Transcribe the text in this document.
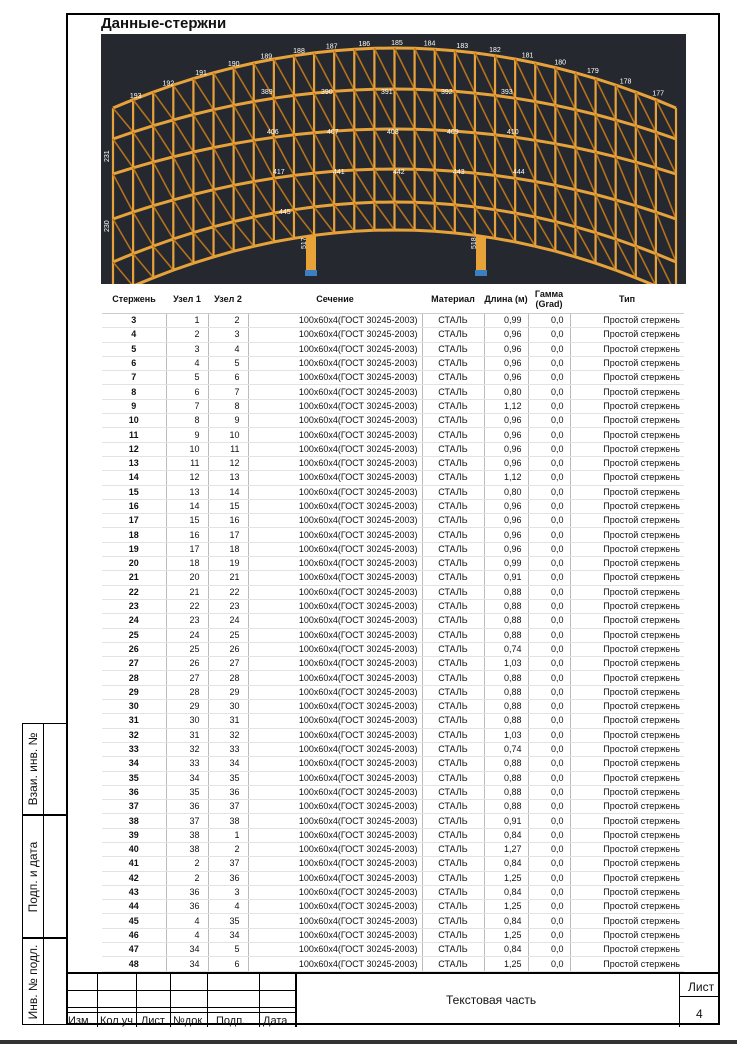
Взаи. инв. №
Подп. и дата
Инв. № подл.
Данные-стержни
193
192
191
190
189
188
187	186	185	184	183
182
181
180
179
178
177
517	518
231
230
389	390	391	392	393
406	407	408	409	410
417	441	442	443	444
445
Стержень	Узел 1	Узел 2	Сечение	Материал	Длина (м)	Гамма (Grad)	Тип
3	1	2	100x60x4(ГОСТ 30245-2003)	СТАЛЬ	0,99	0,0	Простой стержень
4	2	3	100x60x4(ГОСТ 30245-2003)	СТАЛЬ	0,96	0,0	Простой стержень
5	3	4	100x60x4(ГОСТ 30245-2003)	СТАЛЬ	0,96	0,0	Простой стержень
6	4	5	100x60x4(ГОСТ 30245-2003)	СТАЛЬ	0,96	0,0	Простой стержень
7	5	6	100x60x4(ГОСТ 30245-2003)	СТАЛЬ	0,96	0,0	Простой стержень
8	6	7	100x60x4(ГОСТ 30245-2003)	СТАЛЬ	0,80	0,0	Простой стержень
9	7	8	100x60x4(ГОСТ 30245-2003)	СТАЛЬ	1,12	0,0	Простой стержень
10	8	9	100x60x4(ГОСТ 30245-2003)	СТАЛЬ	0,96	0,0	Простой стержень
11	9	10	100x60x4(ГОСТ 30245-2003)	СТАЛЬ	0,96	0,0	Простой стержень
12	10	11	100x60x4(ГОСТ 30245-2003)	СТАЛЬ	0,96	0,0	Простой стержень
13	11	12	100x60x4(ГОСТ 30245-2003)	СТАЛЬ	0,96	0,0	Простой стержень
14	12	13	100x60x4(ГОСТ 30245-2003)	СТАЛЬ	1,12	0,0	Простой стержень
15	13	14	100x60x4(ГОСТ 30245-2003)	СТАЛЬ	0,80	0,0	Простой стержень
16	14	15	100x60x4(ГОСТ 30245-2003)	СТАЛЬ	0,96	0,0	Простой стержень
17	15	16	100x60x4(ГОСТ 30245-2003)	СТАЛЬ	0,96	0,0	Простой стержень
18	16	17	100x60x4(ГОСТ 30245-2003)	СТАЛЬ	0,96	0,0	Простой стержень
19	17	18	100x60x4(ГОСТ 30245-2003)	СТАЛЬ	0,96	0,0	Простой стержень
20	18	19	100x60x4(ГОСТ 30245-2003)	СТАЛЬ	0,99	0,0	Простой стержень
21	20	21	100x60x4(ГОСТ 30245-2003)	СТАЛЬ	0,91	0,0	Простой стержень
22	21	22	100x60x4(ГОСТ 30245-2003)	СТАЛЬ	0,88	0,0	Простой стержень
23	22	23	100x60x4(ГОСТ 30245-2003)	СТАЛЬ	0,88	0,0	Простой стержень
24	23	24	100x60x4(ГОСТ 30245-2003)	СТАЛЬ	0,88	0,0	Простой стержень
25	24	25	100x60x4(ГОСТ 30245-2003)	СТАЛЬ	0,88	0,0	Простой стержень
26	25	26	100x60x4(ГОСТ 30245-2003)	СТАЛЬ	0,74	0,0	Простой стержень
27	26	27	100x60x4(ГОСТ 30245-2003)	СТАЛЬ	1,03	0,0	Простой стержень
28	27	28	100x60x4(ГОСТ 30245-2003)	СТАЛЬ	0,88	0,0	Простой стержень
29	28	29	100x60x4(ГОСТ 30245-2003)	СТАЛЬ	0,88	0,0	Простой стержень
30	29	30	100x60x4(ГОСТ 30245-2003)	СТАЛЬ	0,88	0,0	Простой стержень
31	30	31	100x60x4(ГОСТ 30245-2003)	СТАЛЬ	0,88	0,0	Простой стержень
32	31	32	100x60x4(ГОСТ 30245-2003)	СТАЛЬ	1,03	0,0	Простой стержень
33	32	33	100x60x4(ГОСТ 30245-2003)	СТАЛЬ	0,74	0,0	Простой стержень
34	33	34	100x60x4(ГОСТ 30245-2003)	СТАЛЬ	0,88	0,0	Простой стержень
35	34	35	100x60x4(ГОСТ 30245-2003)	СТАЛЬ	0,88	0,0	Простой стержень
36	35	36	100x60x4(ГОСТ 30245-2003)	СТАЛЬ	0,88	0,0	Простой стержень
37	36	37	100x60x4(ГОСТ 30245-2003)	СТАЛЬ	0,88	0,0	Простой стержень
38	37	38	100x60x4(ГОСТ 30245-2003)	СТАЛЬ	0,91	0,0	Простой стержень
39	38	1	100x60x4(ГОСТ 30245-2003)	СТАЛЬ	0,84	0,0	Простой стержень
40	38	2	100x60x4(ГОСТ 30245-2003)	СТАЛЬ	1,27	0,0	Простой стержень
41	2	37	100x60x4(ГОСТ 30245-2003)	СТАЛЬ	0,84	0,0	Простой стержень
42	2	36	100x60x4(ГОСТ 30245-2003)	СТАЛЬ	1,25	0,0	Простой стержень
43	36	3	100x60x4(ГОСТ 30245-2003)	СТАЛЬ	0,84	0,0	Простой стержень
44	36	4	100x60x4(ГОСТ 30245-2003)	СТАЛЬ	1,25	0,0	Простой стержень
45	4	35	100x60x4(ГОСТ 30245-2003)	СТАЛЬ	0,84	0,0	Простой стержень
46	4	34	100x60x4(ГОСТ 30245-2003)	СТАЛЬ	1,25	0,0	Простой стержень
47	34	5	100x60x4(ГОСТ 30245-2003)	СТАЛЬ	0,84	0,0	Простой стержень
48	34	6	100x60x4(ГОСТ 30245-2003)	СТАЛЬ	1,25	0,0	Простой стержень
Изм. Кол.уч Лист №док Подп. Дата
Текстовая часть
Лист
4
